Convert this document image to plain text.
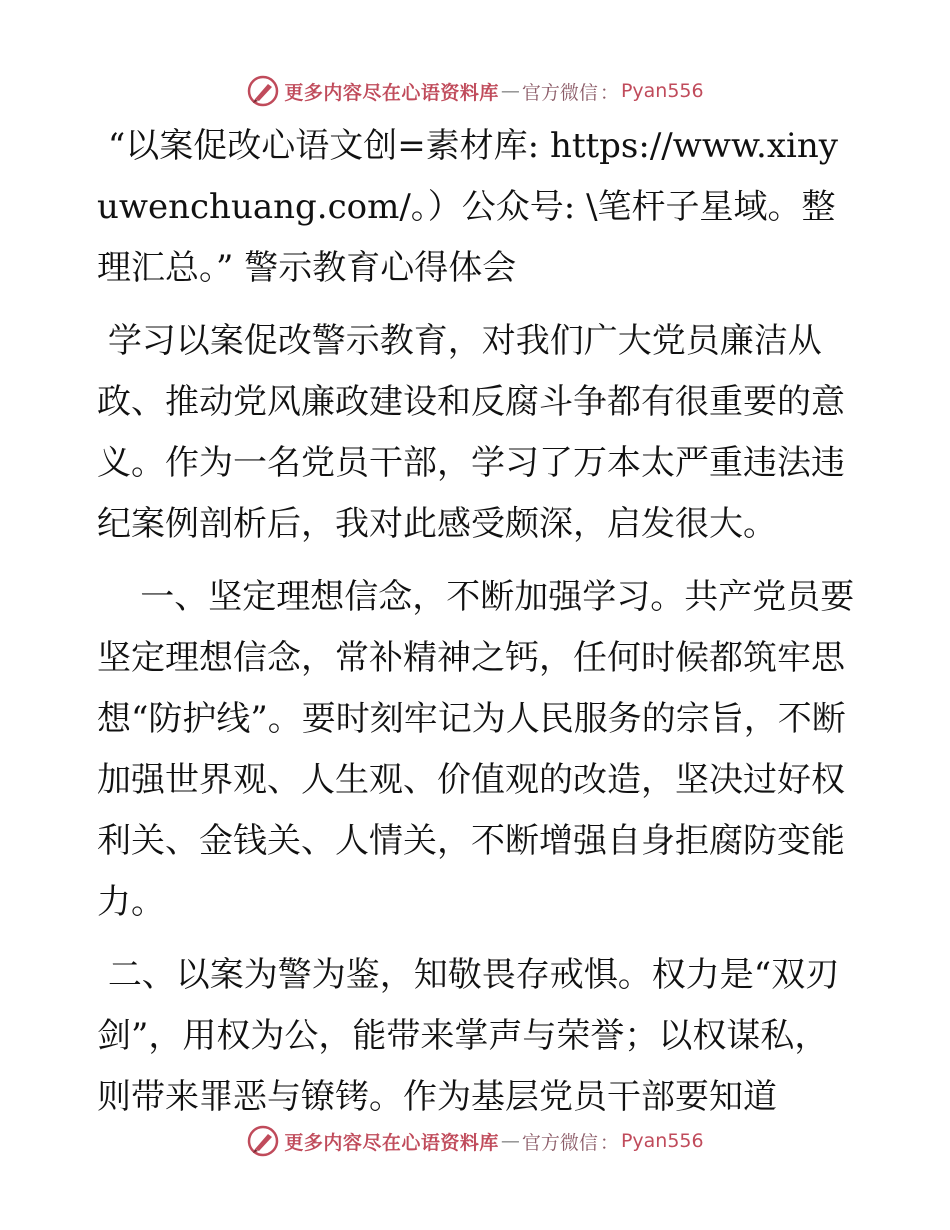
更多内容尽在心语资料库 — 官方微信 ： Pyan556

“以案促改心语文创=素材库: https://www.xinyuwenchuang.com/。）公众号: \笔杆子星域。整理汇总。” 警示教育心得体会

学习以案促改警示教育，对我们广大党员廉洁从政、推动党风廉政建设和反腐斗争都有很重要的意义。作为一名党员干部，学习了万本太严重违法违纪案例剖析后，我对此感受颇深，启发很大。

一、坚定理想信念，不断加强学习。共产党员要坚定理想信念，常补精神之钙，任何时候都筑牢思想“防护线”。要时刻牢记为人民服务的宗旨，不断加强世界观、人生观、价值观的改造，坚决过好权利关、金钱关、人情关，不断增强自身拒腐防变能力。

二、以案为警为鉴，知敬畏存戒惧。权力是“双刃剑”，用权为公，能带来掌声与荣誉；以权谋私，则带来罪恶与镣铐。作为基层党员干部要知道

更多内容尽在心语资料库 — 官方微信 ： Pyan556
